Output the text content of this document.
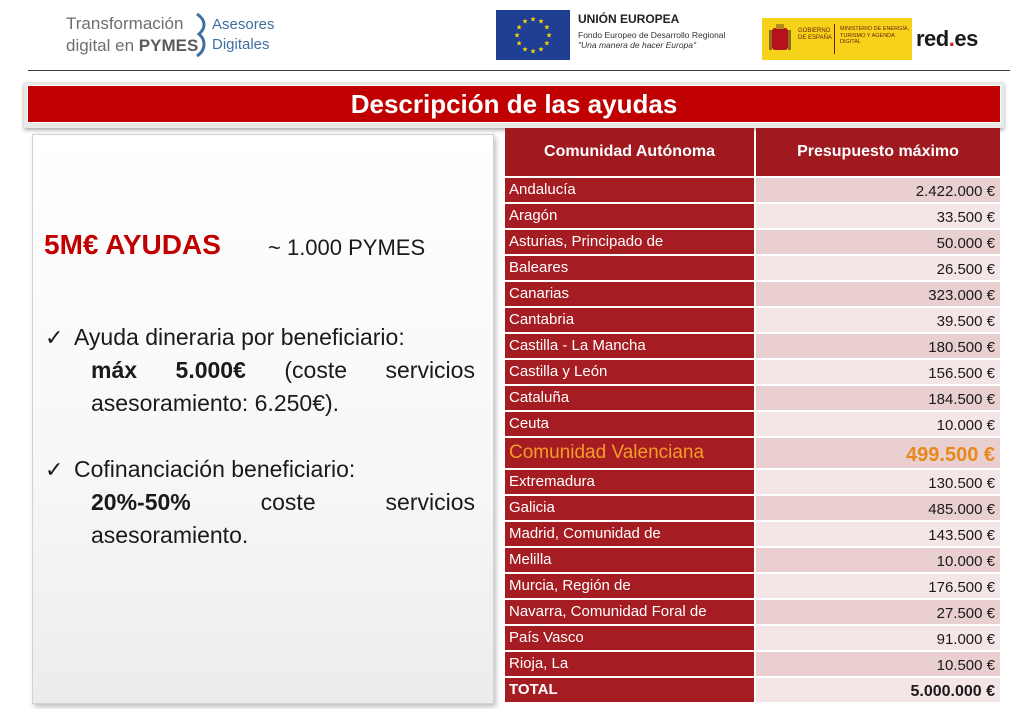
Transformación
digital en PYMES
Asesores
Digitales
★ ★
★
★
★
★
★
★
★
★
★
★	UNIÓN EUROPEA
Fondo Europeo de Desarrollo Regional
"Una manera de hacer Europa"
GOBIERNO DE ESPAÑA
MINISTERIO DE ENERGÍA, TURISMO Y AGENDA DIGITAL	red.es
Descripción de las ayudas
5M€ AYUDAS ~ 1.000 PYMES
✓ Ayuda dineraria por beneficiario:
máx 5.000€ (coste servicios
asesoramiento: 6.250€).
✓ Cofinanciación beneficiario:
20%-50%	coste	servicios
asesoramiento.
Comunidad Autónoma	Presupuesto máximo
Andalucía	2.422.000 €
Aragón	33.500 €
Asturias, Principado de	50.000 €
Baleares	26.500 €
Canarias	323.000 €
Cantabria	39.500 €
Castilla - La Mancha	180.500 €
Castilla y León	156.500 €
Cataluña	184.500 €
Ceuta	10.000 €
Comunidad Valenciana	499.500 €
Extremadura	130.500 €
Galicia	485.000 €
Madrid, Comunidad de	143.500 €
Melilla	10.000 €
Murcia, Región de	176.500 €
Navarra, Comunidad Foral de	27.500 €
País Vasco	91.000 €
Rioja, La	10.500 €
TOTAL	5.000.000 €
